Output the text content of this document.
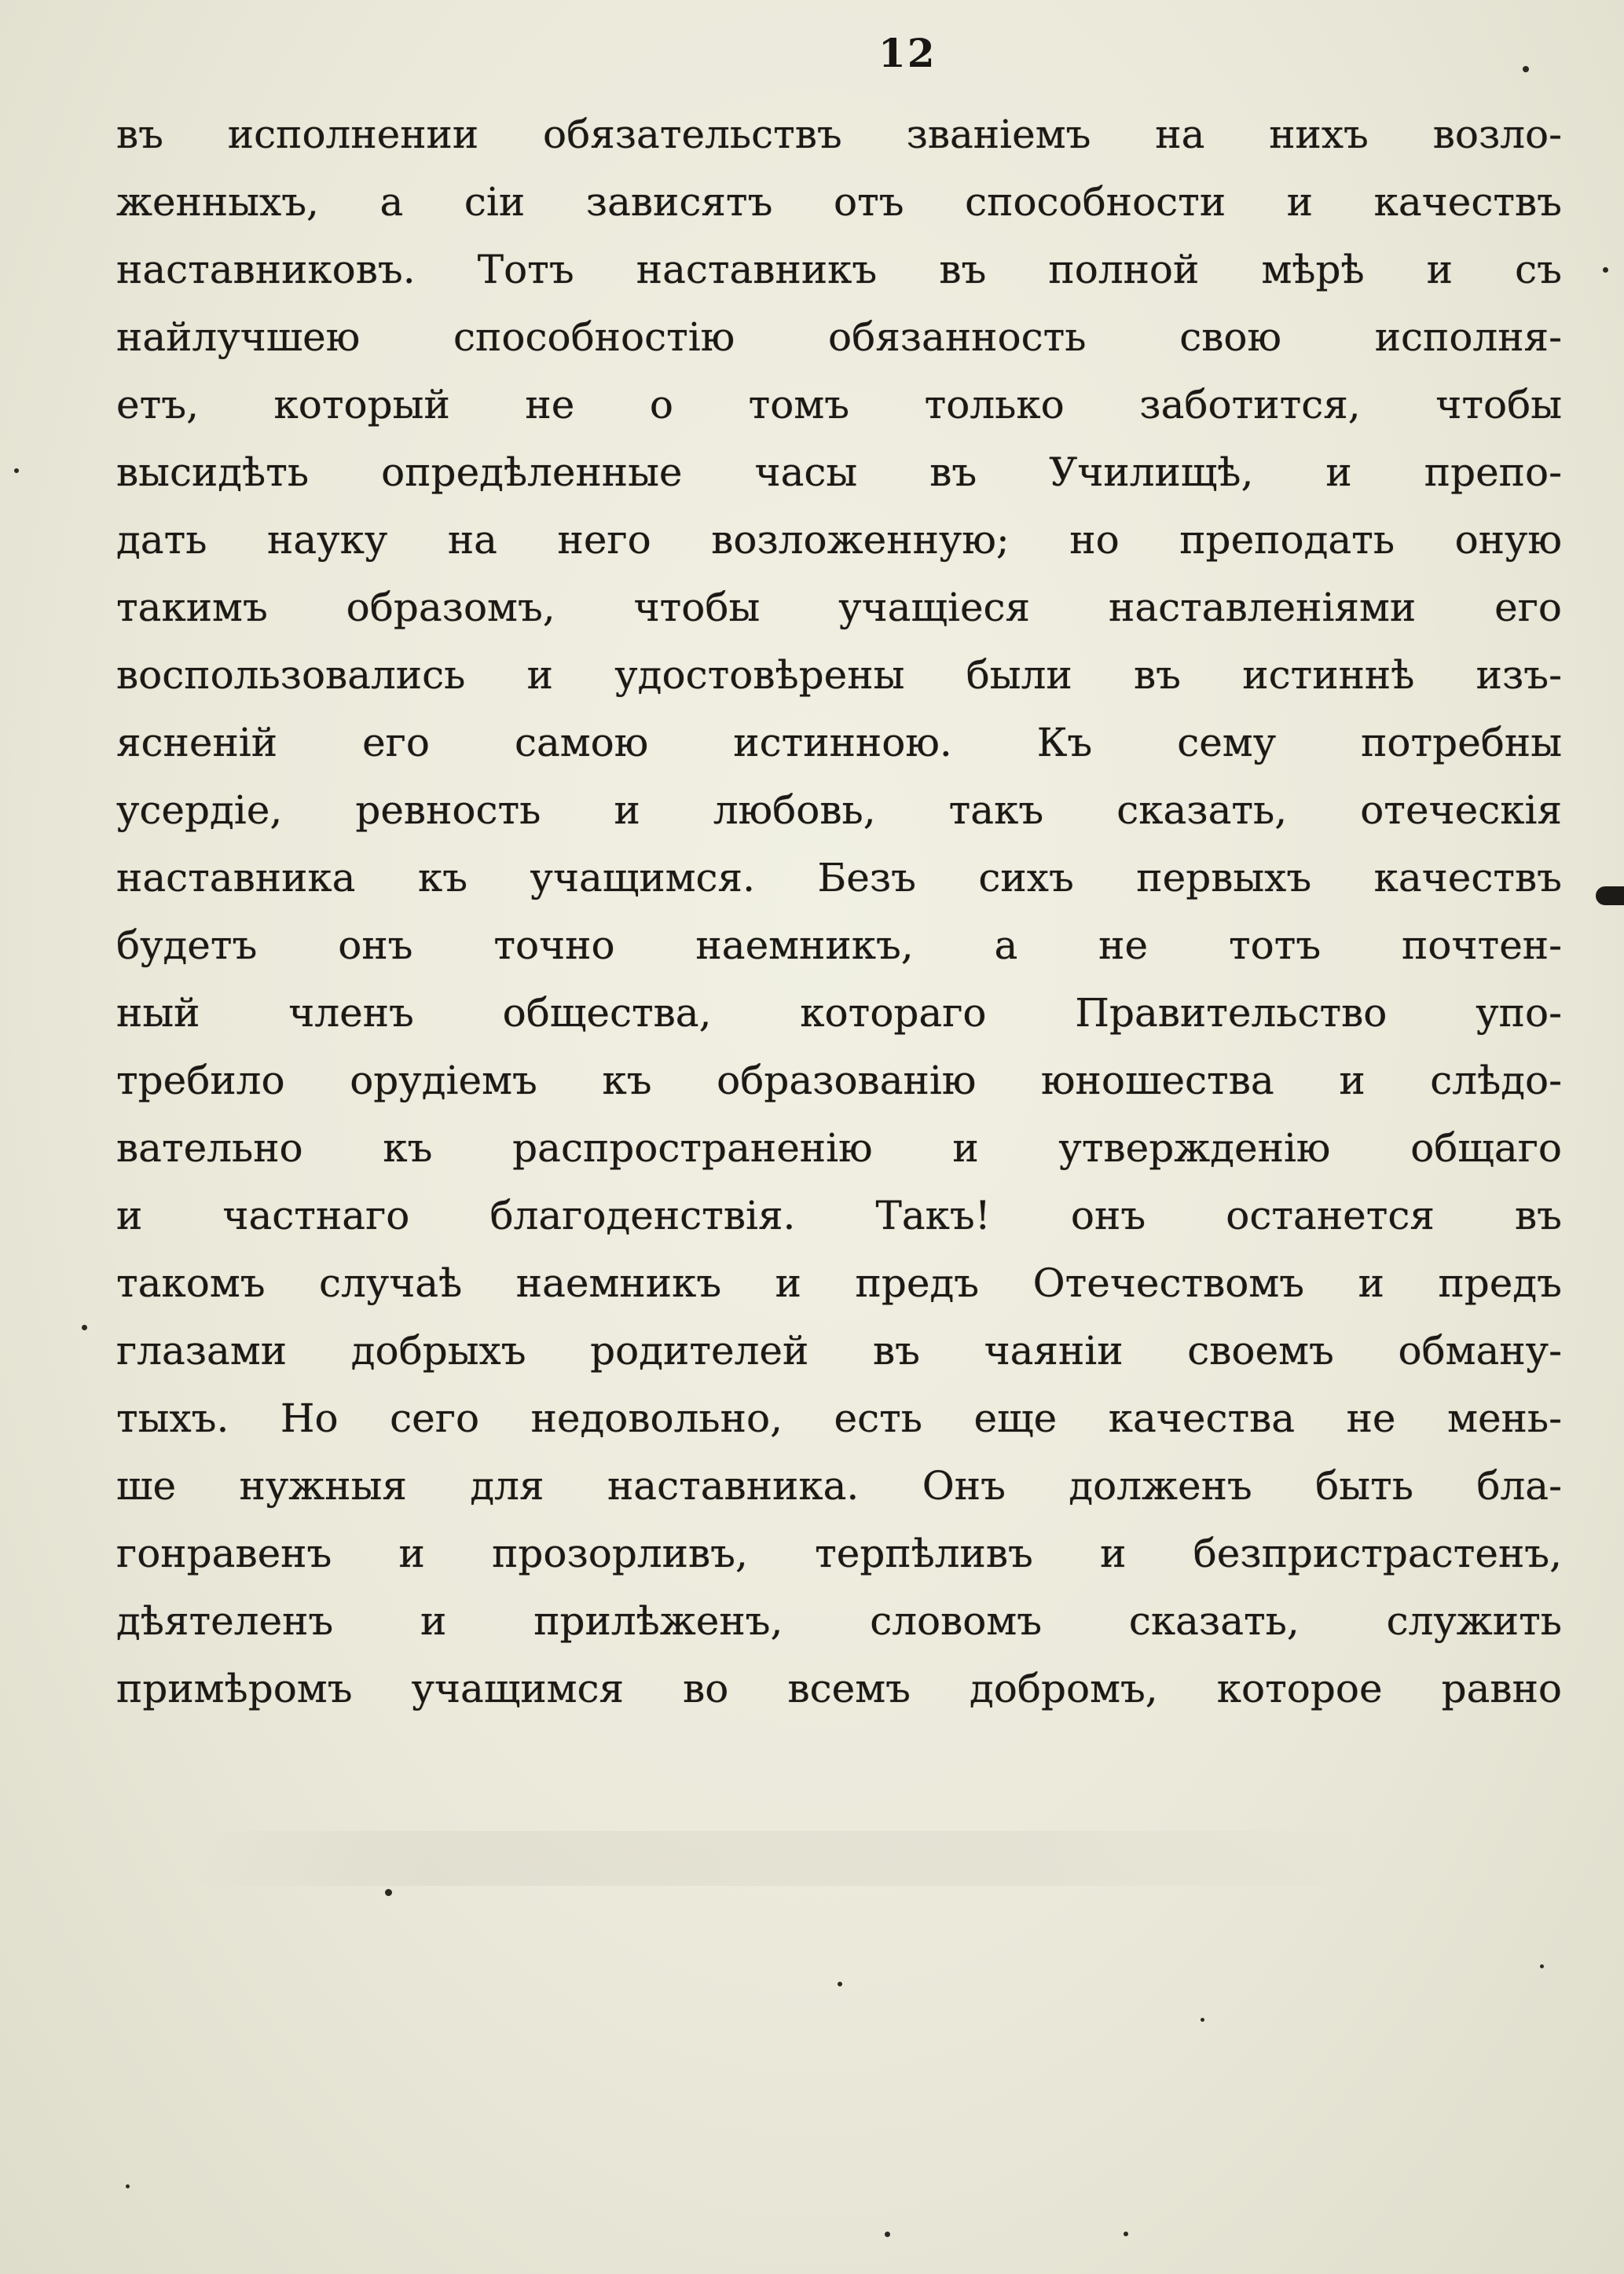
12
въ исполнении обязательствъ званіемъ на нихъ возло-
женныхъ, а сіи зависятъ отъ способности и качествъ
наставниковъ. Тотъ наставникъ въ полной мѣрѣ и съ
найлучшею способностію обязанность свою исполня-
етъ, который не о томъ только заботится, чтобы
высидѣть опредѣленные часы въ Училищѣ, и препо-
дать науку на него возложенную; но преподать оную
такимъ образомъ, чтобы учащіеся наставленіями его
воспользовались и удостовѣрены были въ истиннѣ изъ-
ясненій его самою истинною. Къ сему потребны
усердіе, ревность и любовь, такъ сказать, отеческія
наставника къ учащимся. Безъ сихъ первыхъ качествъ
будетъ онъ точно наемникъ, а не тотъ почтен-
ный членъ общества, котораго Правительство упо-
требило орудіемъ къ образованію юношества и слѣдо-
вательно къ распространенію и утвержденію общаго
и частнаго благоденствія. Такъ! онъ останется въ
такомъ случаѣ наемникъ и предъ Отечествомъ и предъ
глазами добрыхъ родителей въ чаяніи своемъ обману-
тыхъ. Но сего недовольно, есть еще качества не мень-
ше нужныя для наставника. Онъ долженъ быть бла-
гонравенъ и прозорливъ, терпѣливъ и безпристрастенъ,
дѣятеленъ и прилѣженъ, словомъ сказать, служить
примѣромъ учащимся во всемъ добромъ, которое равно
